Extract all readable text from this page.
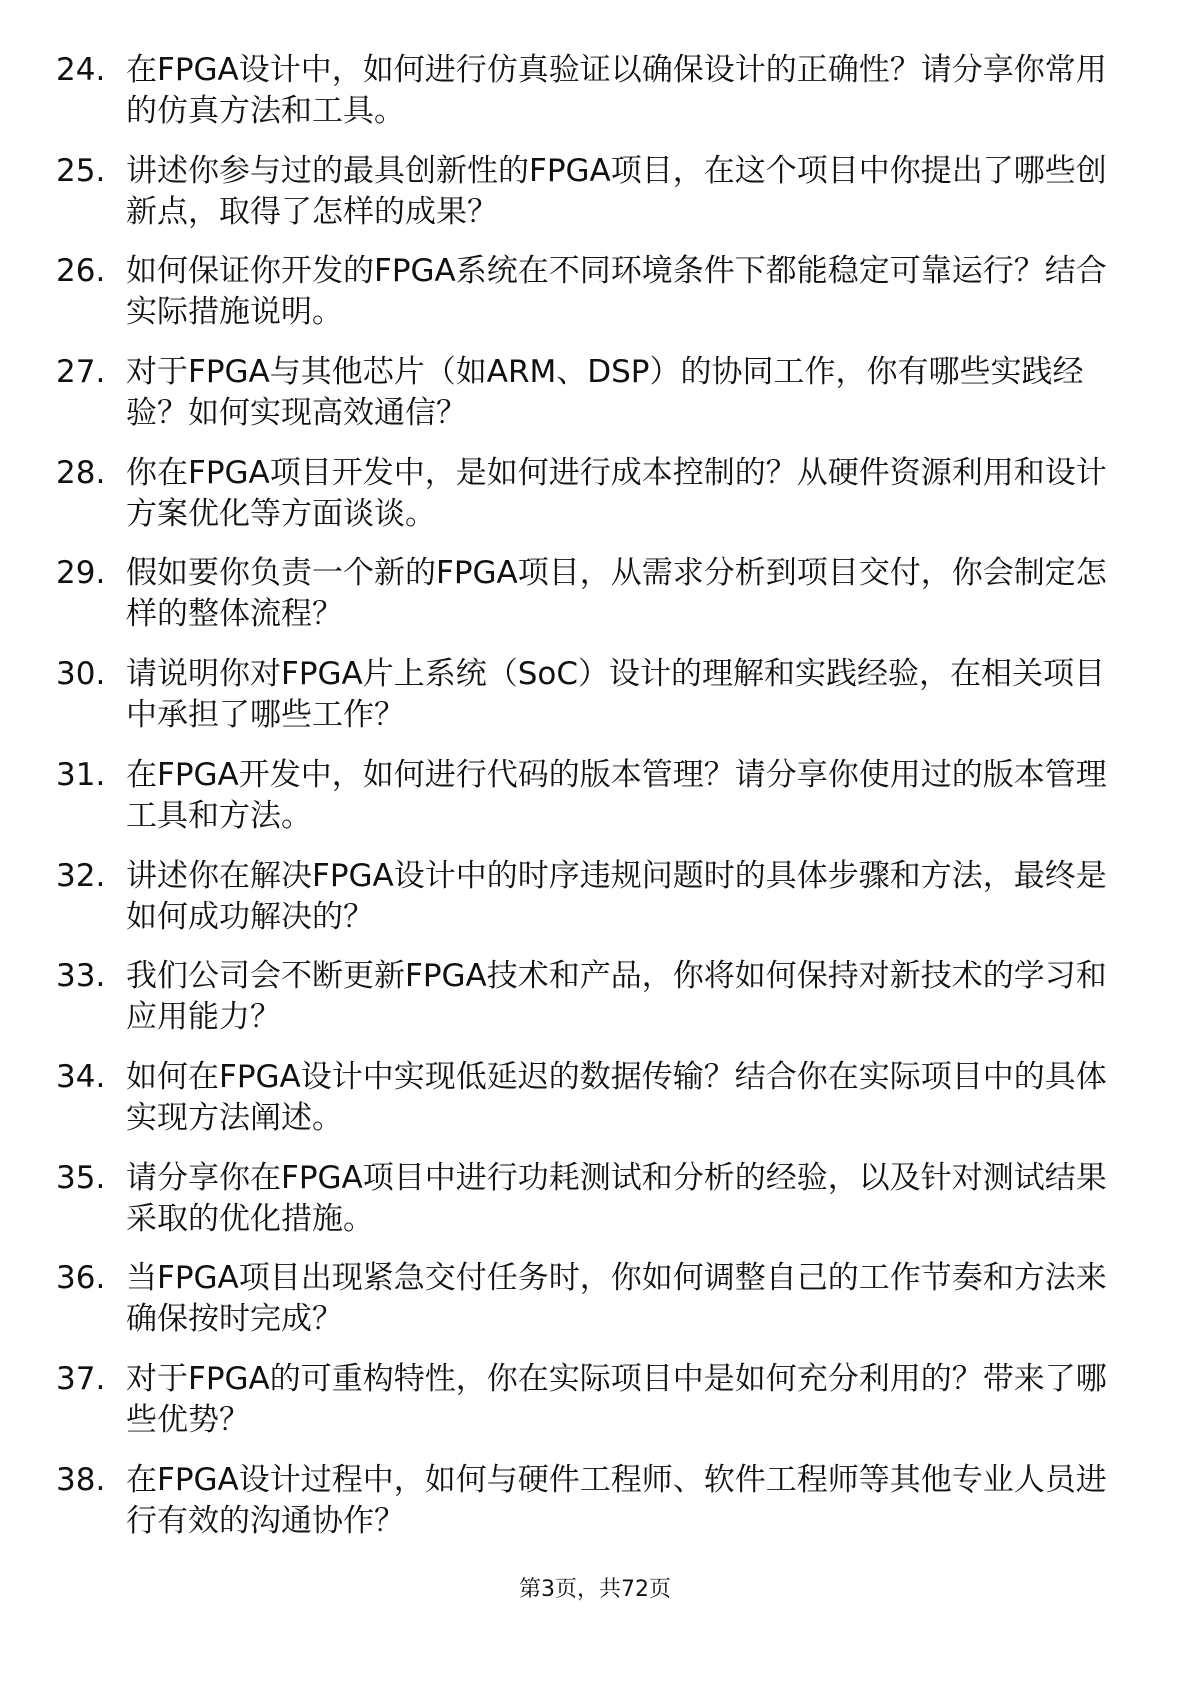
24. 在FPGA设计中，如何进行仿真验证以确保设计的正确性？请分享你常用的仿真方法和工具。
25. 讲述你参与过的最具创新性的FPGA项目，在这个项目中你提出了哪些创新点，取得了怎样的成果？
26. 如何保证你开发的FPGA系统在不同环境条件下都能稳定可靠运行？结合实际措施说明。
27. 对于FPGA与其他芯片（如ARM、DSP）的协同工作，你有哪些实践经验？如何实现高效通信？
28. 你在FPGA项目开发中，是如何进行成本控制的？从硬件资源利用和设计方案优化等方面谈谈。
29. 假如要你负责一个新的FPGA项目，从需求分析到项目交付，你会制定怎样的整体流程？
30. 请说明你对FPGA片上系统（SoC）设计的理解和实践经验，在相关项目中承担了哪些工作？
31. 在FPGA开发中，如何进行代码的版本管理？请分享你使用过的版本管理工具和方法。
32. 讲述你在解决FPGA设计中的时序违规问题时的具体步骤和方法，最终是如何成功解决的？
33. 我们公司会不断更新FPGA技术和产品，你将如何保持对新技术的学习和应用能力？
34. 如何在FPGA设计中实现低延迟的数据传输？结合你在实际项目中的具体实现方法阐述。
35. 请分享你在FPGA项目中进行功耗测试和分析的经验，以及针对测试结果采取的优化措施。
36. 当FPGA项目出现紧急交付任务时，你如何调整自己的工作节奏和方法来确保按时完成？
37. 对于FPGA的可重构特性，你在实际项目中是如何充分利用的？带来了哪些优势？
38. 在FPGA设计过程中，如何与硬件工程师、软件工程师等其他专业人员进行有效的沟通协作？
第3页，共72页
